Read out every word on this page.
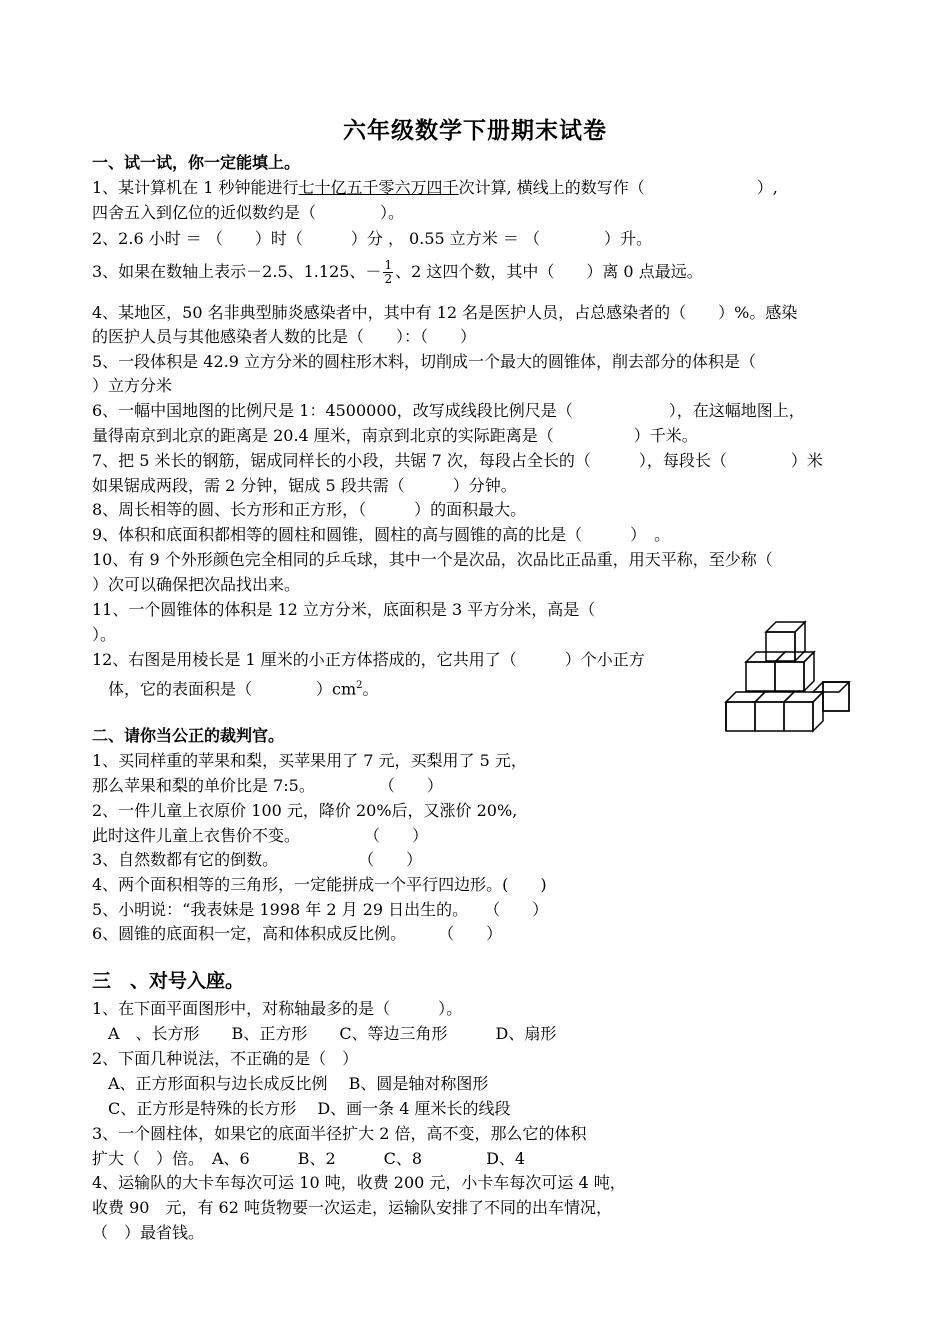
六年级数学下册期末试卷
一、试一试，你一定能填上。
1、某计算机在 1 秒钟能进行七十亿五千零六万四千次计算, 横线上的数写作（　　　　　　　）,
四舍五入到亿位的近似数约是（　　　　）。
2、2.6 小时 ＝ （　　）时（　　　）分 ， 0.55 立方米 ＝ （　　　　）升。
3、如果在数轴上表示－2.5、1.125、－ $\frac{1}{2}$ 、2 这四个数，其中（　　）离 0 点最远。
4、某地区，50 名非典型肺炎感染者中，其中有 12 名是医护人员，占总感染者的（　　）%。感染
的医护人员与其他感染者人数的比是（　　）：（　　）
5、一段体积是 42.9 立方分米的圆柱形木料，切削成一个最大的圆锥体，削去部分的体积是（
）立方分米
6、一幅中国地图的比例尺是 1：4500000，改写成线段比例尺是（　　　　　　），在这幅地图上，
量得南京到北京的距离是 20.4 厘米，南京到北京的实际距离是（　　　　　）千米。
7、把 5 米长的钢筋，锯成同样长的小段，共锯 7 次，每段占全长的（　　　），每段长（　　　　）米
如果锯成两段，需 2 分钟，锯成 5 段共需（　　　）分钟。
8、周长相等的圆、长方形和正方形，（　　　）的面积最大。
9、体积和底面积都相等的圆柱和圆锥，圆柱的高与圆锥的高的比是（　　　）　。
10、有 9 个外形颜色完全相同的乒乓球，其中一个是次品，次品比正品重，用天平称，至少称（
）次可以确保把次品找出来。
11、一个圆锥体的体积是 12 立方分米，底面积是 3 平方分米，高是（
）。
12、右图是用棱长是 1 厘米的小正方体搭成的，它共用了（　　　）个小正方
体，它的表面积是（　　　　）$cm^2$。
二、请你当公正的裁判官。
1、买同样重的苹果和梨，买苹果用了 7 元，买梨用了 5 元，
那么苹果和梨的单价比是 7:5。　　　　　（　　）
2、一件儿童上衣原价 100 元，降价 20%后，又涨价 20%,
此时这件儿童上衣售价不变。　　　　　（　　）
3、自然数都有它的倒数。　　　　　　（　　）
4、两个面积相等的三角形，一定能拼成一个平行四边形。(　　)
5、小明说：“我表妹是 1998 年 2 月 29 日出生的。　　（　　）
6、圆锥的底面积一定，高和体积成反比例。　　　（　　）
三　、对号入座。
1、在下面平面图形中，对称轴最多的是（　　　）。
　A　、长方形　　B、正方形　　C、等边三角形　　　D、扇形
2、下面几种说法，不正确的是（　）
　A、正方形面积与边长成反比例　 B、圆是轴对称图形
　C、正方形是特殊的长方形　 D、画一条 4 厘米长的线段
3、一个圆柱体，如果它的底面半径扩大 2 倍，高不变，那么它的体积
扩大（　）倍。　A、6　　　B、2　　　C、8　　　　D、4
4、运输队的大卡车每次可运 10 吨，收费 200 元，小卡车每次可运 4 吨，
收费 90　元，有 62 吨货物要一次运走，运输队安排了不同的出车情况，
（　）最省钱。
